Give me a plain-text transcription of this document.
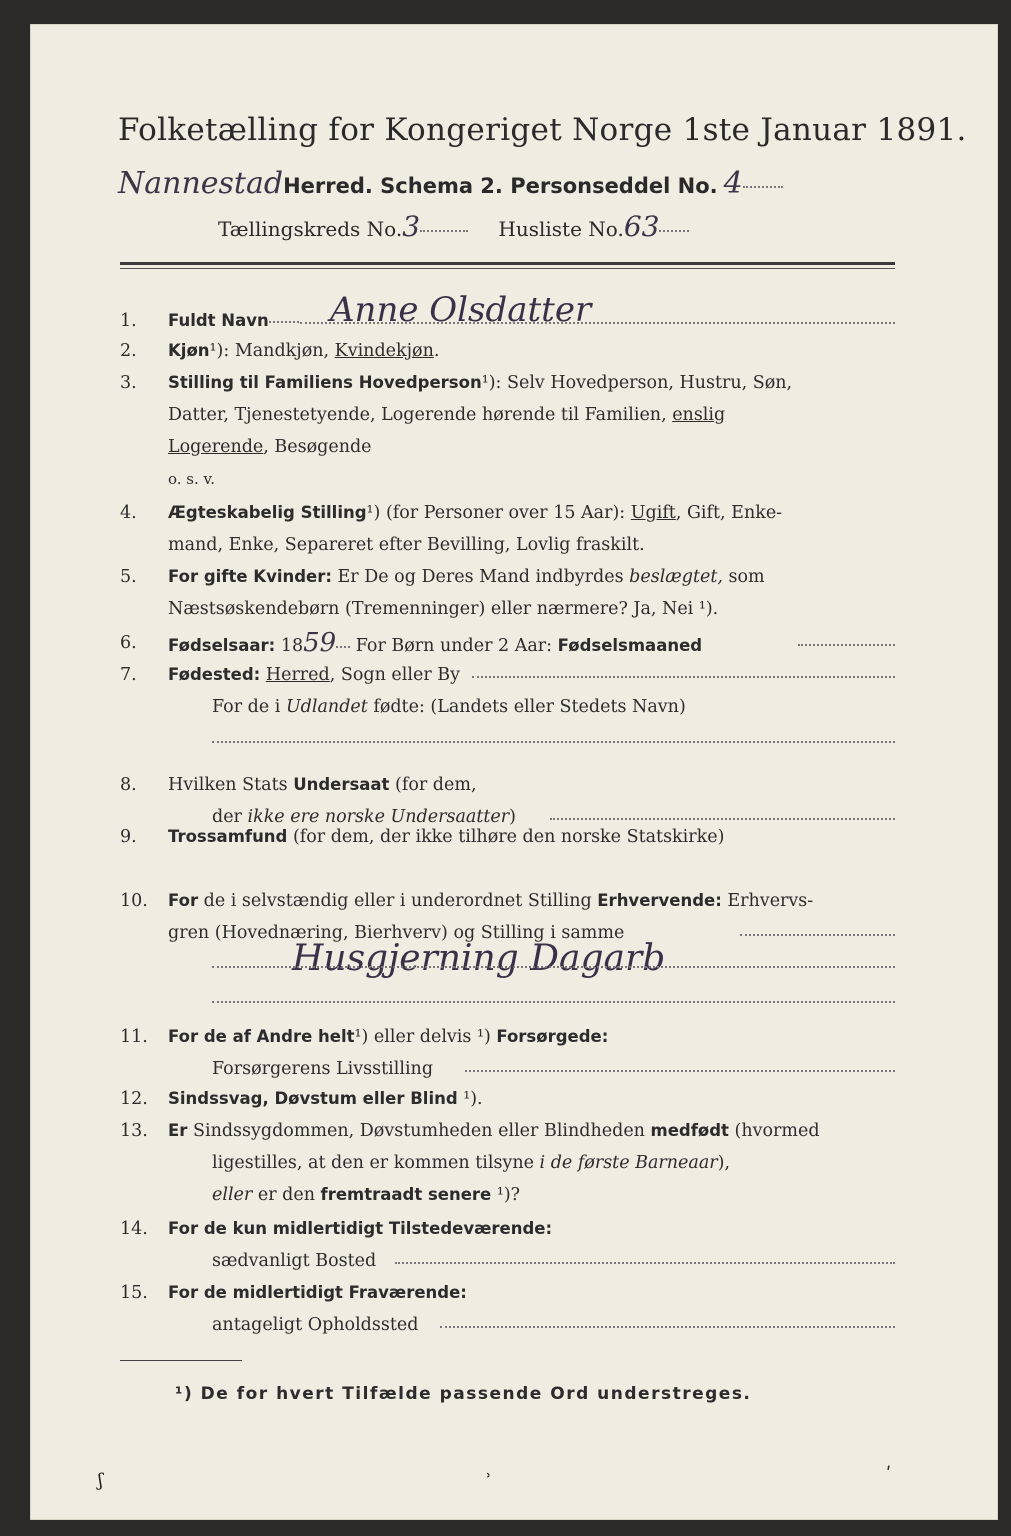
Folketælling for Kongeriget Norge 1ste Januar 1891.
NannestadHerred. Schema 2. Personseddel No. 4
Tællingskreds No.3	Husliste No.63
1.	Fuldt Navn	Anne Olsdatter
2.	Kjøn¹): Mandkjøn, Kvindekjøn.
3.	Stilling til Familiens Hovedperson¹): Selv Hovedperson, Hustru, Søn,
Datter, Tjenestetyende, Logerende hørende til Familien, enslig
Logerende, Besøgende
o. s. v.
4.	Ægteskabelig Stilling¹) (for Personer over 15 Aar): Ugift, Gift, Enke-
mand, Enke, Separeret efter Bevilling, Lovlig fraskilt.
5.	For gifte Kvinder: Er De og Deres Mand indbyrdes beslægtet, som
Næstsøskendebørn (Tremenninger) eller nærmere? Ja, Nei ¹).
6.	Fødselsaar: 1859 For Børn under 2 Aar: Fødselsmaaned
7.	Fødested: Herred, Sogn eller By
For de i Udlandet fødte: (Landets eller Stedets Navn)
8.	Hvilken Stats Undersaat (for dem,
der ikke ere norske Undersaatter)
9.	Trossamfund (for dem, der ikke tilhøre den norske Statskirke)
10.	For de i selvstændig eller i underordnet Stilling Erhvervende: Erhvervs-
gren (Hovednæring, Bierhverv) og Stilling i samme
Husgjerning Dagarb
11.	For de af Andre helt¹) eller delvis ¹) Forsørgede:
Forsørgerens Livsstilling
12.	Sindssvag, Døvstum eller Blind ¹).
13.	Er Sindssygdommen, Døvstumheden eller Blindheden medfødt (hvormed
ligestilles, at den er kommen tilsyne i de første Barneaar),
eller er den fremtraadt senere ¹)?
14.	For de kun midlertidigt Tilstedeværende:
sædvanligt Bosted
15.	For de midlertidigt Fraværende:
antageligt Opholdssted
¹) De for hvert Tilfælde passende Ord understreges.
ʃ	˒	ʹ
